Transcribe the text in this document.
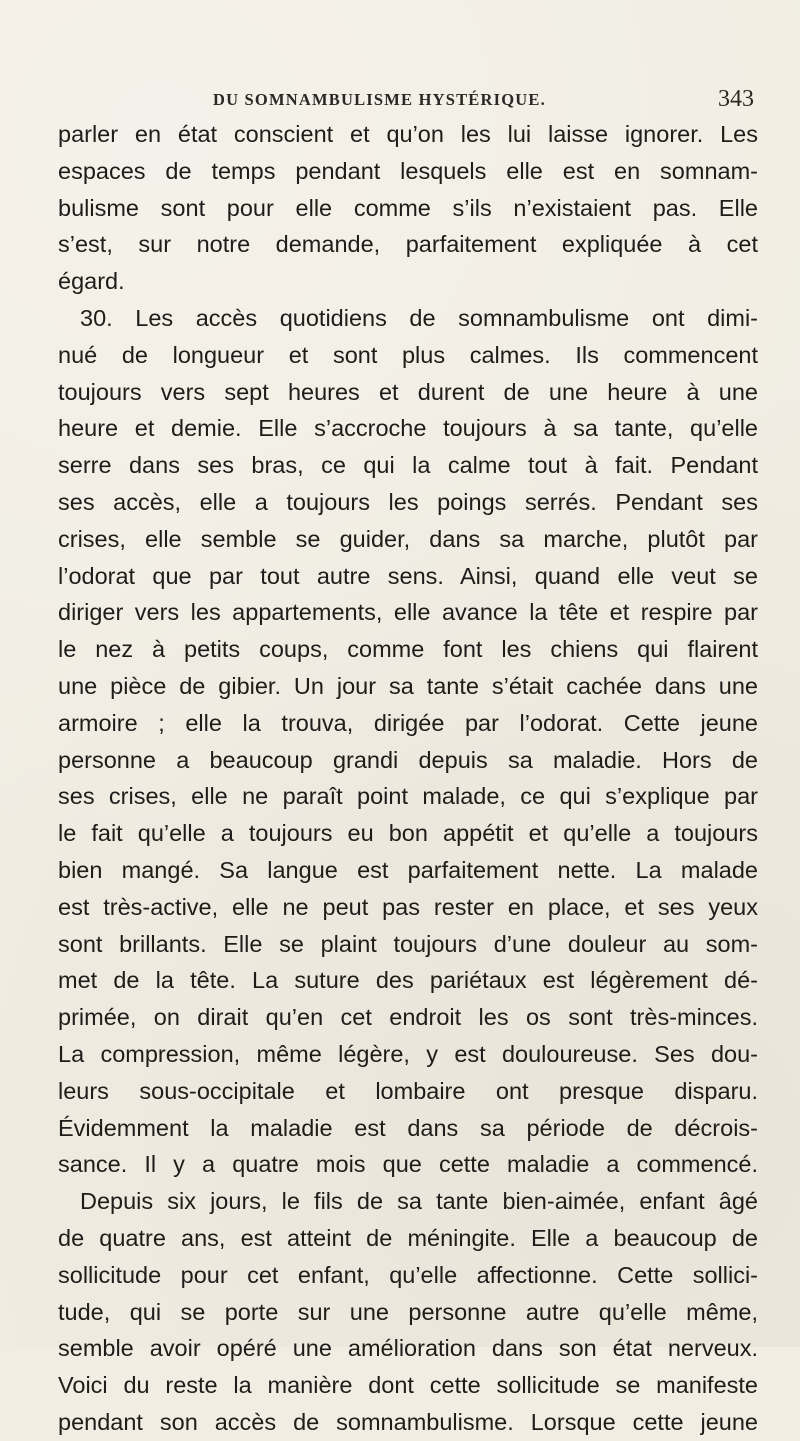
DU SOMNAMBULISME HYSTÉRIQUE.	343
parler en état conscient et qu’on les lui laisse ignorer. Les
espaces de temps pendant lesquels elle est en somnam-
bulisme sont pour elle comme s’ils n’existaient pas. Elle
s’est, sur notre demande, parfaitement expliquée à cet
égard.
30. Les accès quotidiens de somnambulisme ont dimi-
nué de longueur et sont plus calmes. Ils commencent
toujours vers sept heures et durent de une heure à une
heure et demie. Elle s’accroche toujours à sa tante, qu’elle
serre dans ses bras, ce qui la calme tout à fait. Pendant
ses accès, elle a toujours les poings serrés. Pendant ses
crises, elle semble se guider, dans sa marche, plutôt par
l’odorat que par tout autre sens. Ainsi, quand elle veut se
diriger vers les appartements, elle avance la tête et respire par
le nez à petits coups, comme font les chiens qui flairent
une pièce de gibier. Un jour sa tante s’était cachée dans une
armoire ; elle la trouva, dirigée par l’odorat. Cette jeune
personne a beaucoup grandi depuis sa maladie. Hors de
ses crises, elle ne paraît point malade, ce qui s’explique par
le fait qu’elle a toujours eu bon appétit et qu’elle a toujours
bien mangé. Sa langue est parfaitement nette. La malade
est très-active, elle ne peut pas rester en place, et ses yeux
sont brillants. Elle se plaint toujours d’une douleur au som-
met de la tête. La suture des pariétaux est légèrement dé-
primée, on dirait qu’en cet endroit les os sont très-minces.
La compression, même légère, y est douloureuse. Ses dou-
leurs sous-occipitale et lombaire ont presque disparu.
Évidemment la maladie est dans sa période de décrois-
sance. Il y a quatre mois que cette maladie a commencé.
Depuis six jours, le fils de sa tante bien-aimée, enfant âgé
de quatre ans, est atteint de méningite. Elle a beaucoup de
sollicitude pour cet enfant, qu’elle affectionne. Cette sollici-
tude, qui se porte sur une personne autre qu’elle même,
semble avoir opéré une amélioration dans son état nerveux.
Voici du reste la manière dont cette sollicitude se manifeste
pendant son accès de somnambulisme. Lorsque cette jeune
